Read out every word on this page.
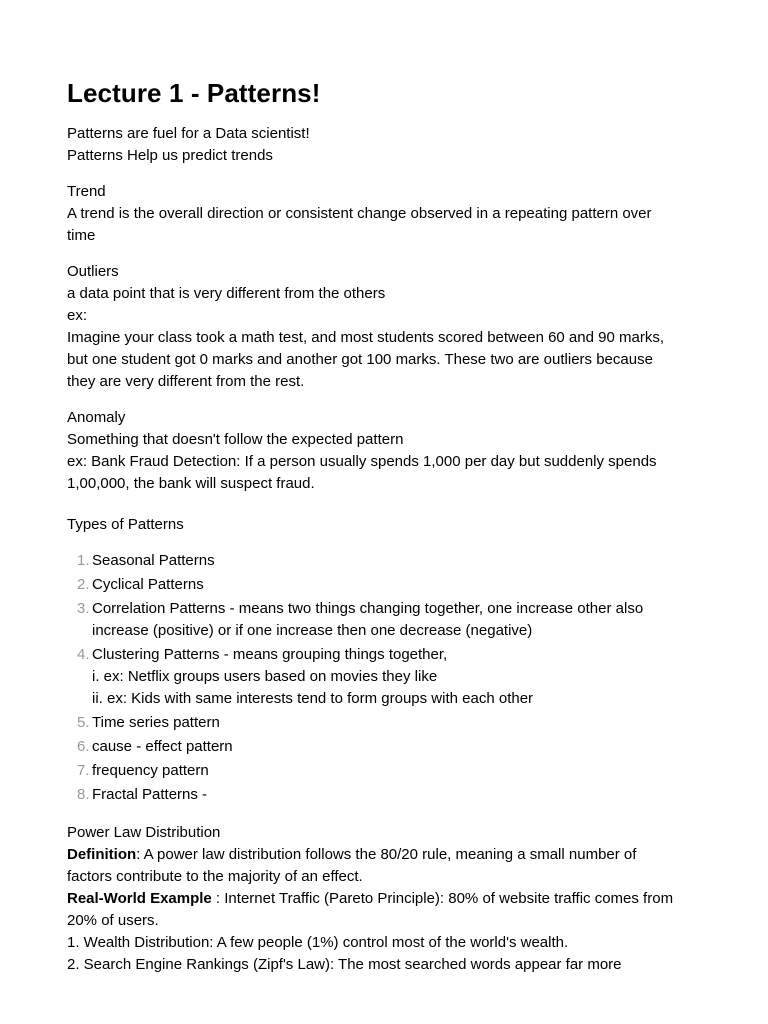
Lecture 1 - Patterns!

Patterns are fuel for a Data scientist!

Patterns Help us predict trends

Trend

A trend is the overall direction or consistent change observed in a repeating pattern over

time

Outliers

a data point that is very different from the others

ex:

Imagine your class took a math test, and most students scored between 60 and 90 marks,

but one student got 0 marks and another got 100 marks. These two are outliers because

they are very different from the rest.

Anomaly

Something that doesn't follow the expected pattern

ex: Bank Fraud Detection: If a person usually spends 1,000 per day but suddenly spends

1,00,000, the bank will suspect fraud.

Types of Patterns

1. Seasonal Patterns
2. Cyclical Patterns
3. Correlation Patterns - means two things changing together, one increase other also
increase (positive) or if one increase then one decrease (negative)
4. Clustering Patterns - means grouping things together,
i. ex: Netflix groups users based on movies they like
ii. ex: Kids with same interests tend to form groups with each other
5. Time series pattern
6. cause - effect pattern
7. frequency pattern
8. Fractal Patterns -

Power Law Distribution

Definition: A power law distribution follows the 80/20 rule, meaning a small number of

factors contribute to the majority of an effect.

Real-World Example : Internet Traffic (Pareto Principle): 80% of website traffic comes from

20% of users.

1. Wealth Distribution: A few people (1%) control most of the world's wealth.

2. Search Engine Rankings (Zipf's Law): The most searched words appear far more
